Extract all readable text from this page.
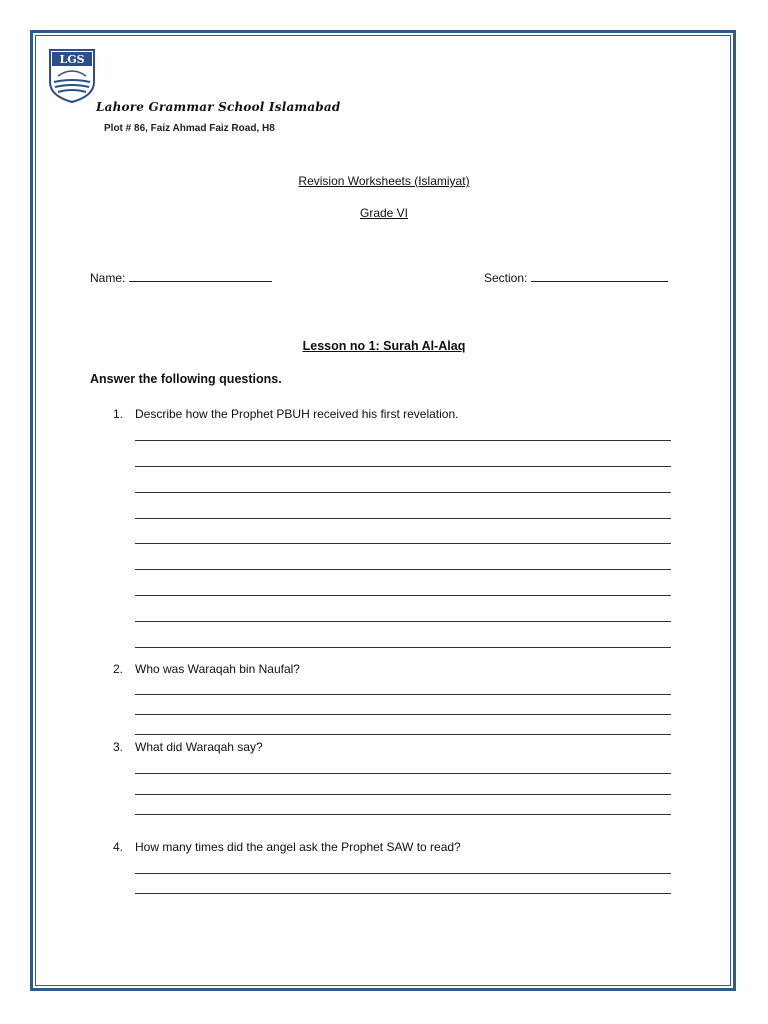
LGS
Lahore Grammar School Islamabad
Plot # 86, Faiz Ahmad Faiz Road, H8
Revision Worksheets (Islamiyat)
Grade VI
Name:	Section:
Lesson no 1: Surah Al-Alaq
Answer the following questions.
1. Describe how the Prophet PBUH received his first revelation.
2. Who was Waraqah bin Naufal?
3. What did Waraqah say?
4. How many times did the angel ask the Prophet SAW to read?
